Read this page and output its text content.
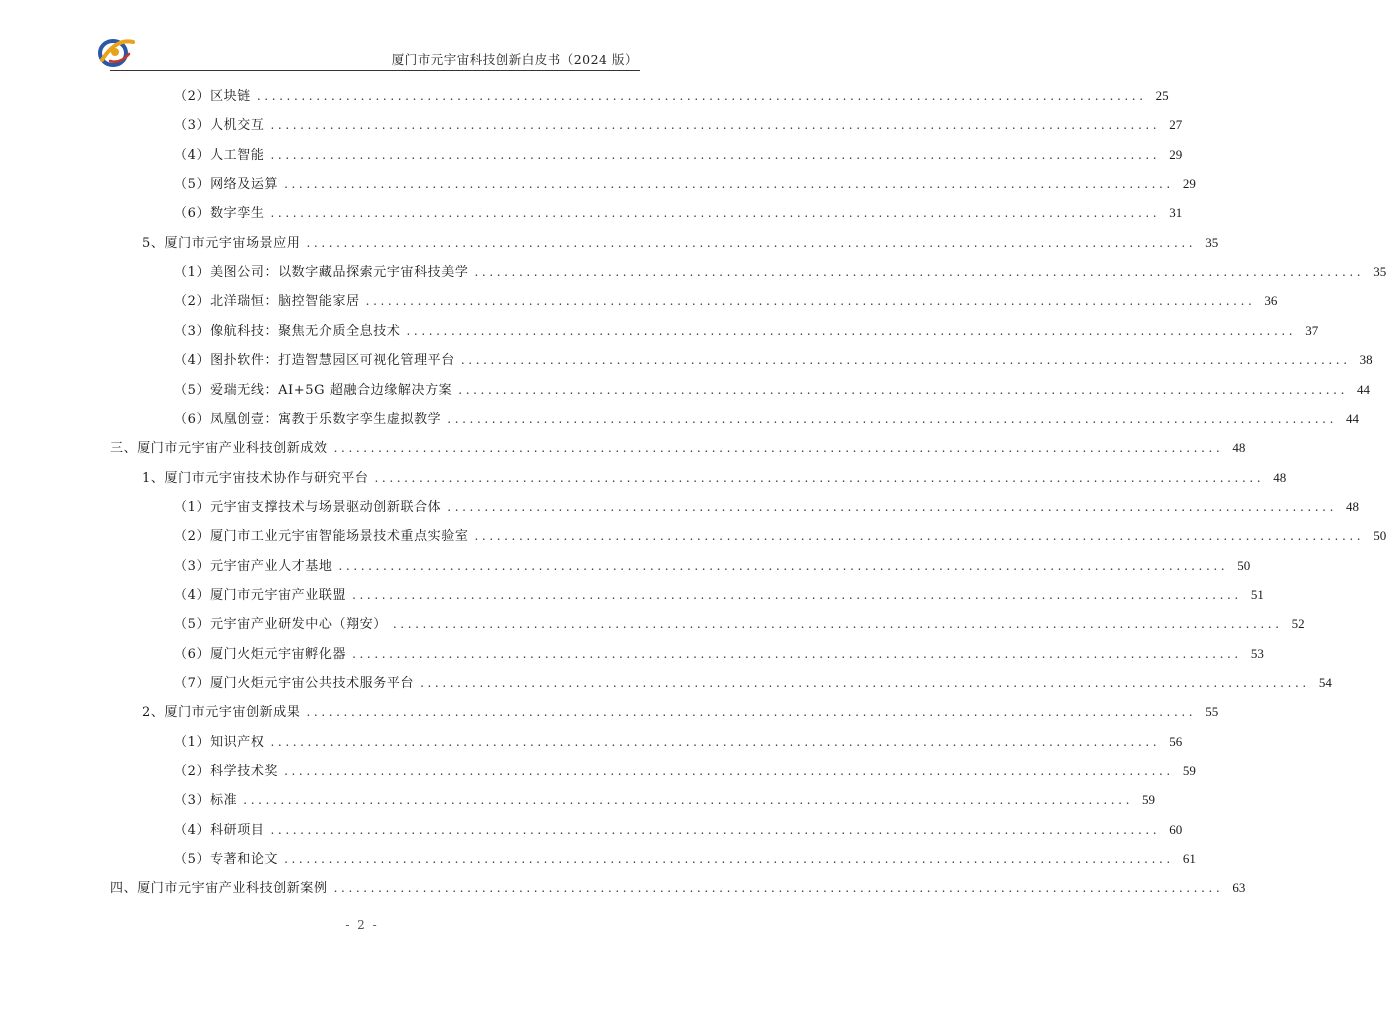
厦门市元宇宙科技创新白皮书（2024 版）
（2）区块链 ........................................................................................................................ 25
（3）人机交互 ........................................................................................................................ 27
（4）人工智能 ........................................................................................................................ 29
（5）网络及运算 ........................................................................................................................ 29
（6）数字孪生 ........................................................................................................................ 31
5、厦门市元宇宙场景应用 ........................................................................................................................ 35
（1）美图公司：以数字藏品探索元宇宙科技美学 ........................................................................................................................ 35
（2）北洋瑞恒：脑控智能家居 ........................................................................................................................ 36
（3）像航科技：聚焦无介质全息技术 ........................................................................................................................ 37
（4）图扑软件：打造智慧园区可视化管理平台 ........................................................................................................................ 38
（5）爱瑞无线：AI+5G 超融合边缘解决方案 ........................................................................................................................ 44
（6）凤凰创壹：寓教于乐数字孪生虚拟教学 ........................................................................................................................ 44
三、厦门市元宇宙产业科技创新成效 ........................................................................................................................ 48
1、厦门市元宇宙技术协作与研究平台 ........................................................................................................................ 48
（1）元宇宙支撑技术与场景驱动创新联合体 ........................................................................................................................ 48
（2）厦门市工业元宇宙智能场景技术重点实验室 ........................................................................................................................ 50
（3）元宇宙产业人才基地 ........................................................................................................................ 50
（4）厦门市元宇宙产业联盟 ........................................................................................................................ 51
（5）元宇宙产业研发中心（翔安） ........................................................................................................................ 52
（6）厦门火炬元宇宙孵化器 ........................................................................................................................ 53
（7）厦门火炬元宇宙公共技术服务平台 ........................................................................................................................ 54
2、厦门市元宇宙创新成果 ........................................................................................................................ 55
（1）知识产权 ........................................................................................................................ 56
（2）科学技术奖 ........................................................................................................................ 59
（3）标准 ........................................................................................................................ 59
（4）科研项目 ........................................................................................................................ 60
（5）专著和论文 ........................................................................................................................ 61
四、厦门市元宇宙产业科技创新案例 ........................................................................................................................ 63
- 2 -
